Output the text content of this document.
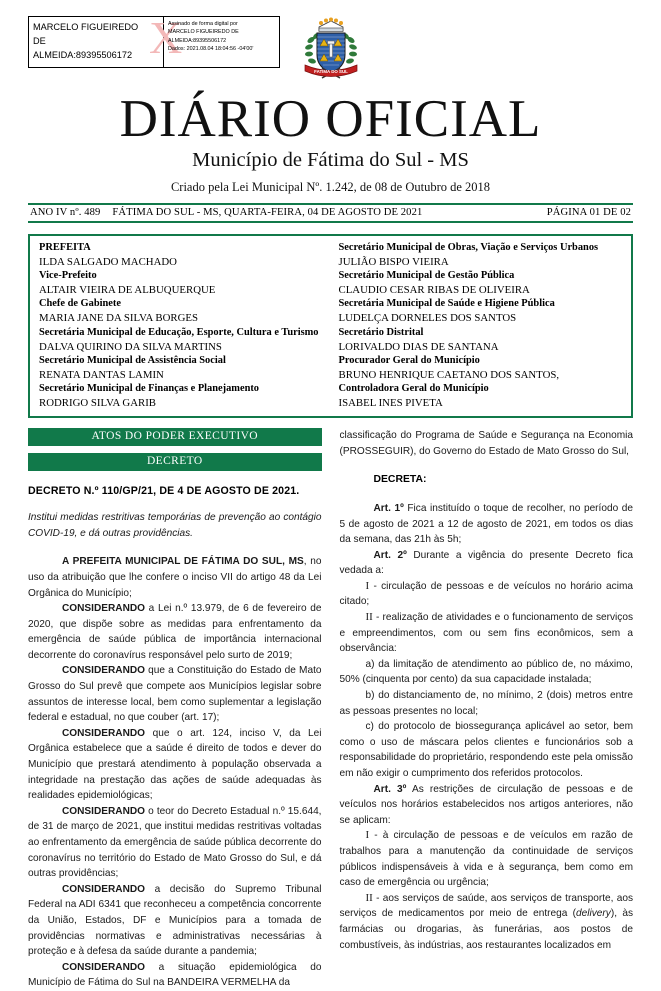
X
MARCELO FIGUEIREDO
DE
ALMEIDA:89395506172
Assinado de forma digital por
MARCELO FIGUEIREDO DE
ALMEIDA:89395506172
Dados: 2021.08.04 18:04:56 -04'00'
FATIMA DO SUL
DIÁRIO OFICIAL
Município de Fátima do Sul - MS
Criado pela Lei Municipal Nº. 1.242, de 08 de Outubro de 2018
ANO IV nº. 489 FÁTIMA DO SUL - MS, QUARTA-FEIRA, 04 DE AGOSTO DE 2021	PÁGINA 01 DE 02
PREFEITA
ILDA SALGADO MACHADO
Vice-Prefeito
ALTAIR VIEIRA DE ALBUQUERQUE
Chefe de Gabinete
MARIA JANE DA SILVA BORGES
Secretária Municipal de Educação, Esporte, Cultura e Turismo
DALVA QUIRINO DA SILVA MARTINS
Secretário Municipal de Assistência Social
RENATA DANTAS LAMIN
Secretário Municipal de Finanças e Planejamento
RODRIGO SILVA GARIB
Secretário Municipal de Obras, Viação e Serviços Urbanos
JULIÃO BISPO VIEIRA
Secretário Municipal de Gestão Pública
CLAUDIO CESAR RIBAS DE OLIVEIRA
Secretária Municipal de Saúde e Higiene Pública
LUDELÇA DORNELES DOS SANTOS
Secretário Distrital
LORIVALDO DIAS DE SANTANA
Procurador Geral do Município
BRUNO HENRIQUE CAETANO DOS SANTOS,
Controladora Geral do Município
ISABEL INES PIVETA
ATOS DO PODER EXECUTIVO
DECRETO
DECRETO N.º 110/GP/21, DE 4 DE AGOSTO DE 2021.
Institui medidas restritivas temporárias de prevenção ao contágio COVID-19, e dá outras providências.

A PREFEITA MUNICIPAL DE FÁTIMA DO SUL, MS, no uso da atribuição que lhe confere o inciso VII do artigo 48 da Lei Orgânica do Município;

CONSIDERANDO a Lei n.º 13.979, de 6 de fevereiro de 2020, que dispõe sobre as medidas para enfrentamento da emergência de saúde pública de importância internacional decorrente do coronavírus responsável pelo surto de 2019;

CONSIDERANDO que a Constituição do Estado de Mato Grosso do Sul prevê que compete aos Municípios legislar sobre assuntos de interesse local, bem como suplementar a legislação federal e estadual, no que couber (art. 17);

CONSIDERANDO que o art. 124, inciso V, da Lei Orgânica estabelece que a saúde é direito de todos e dever do Município que prestará atendimento à população observada a integridade na prestação das ações de saúde adequadas às realidades epidemiológicas;

CONSIDERANDO o teor do Decreto Estadual n.º 15.644, de 31 de março de 2021, que institui medidas restritivas voltadas ao enfrentamento da emergência de saúde pública decorrente do coronavírus no território do Estado de Mato Grosso do Sul, e dá outras providências;

CONSIDERANDO a decisão do Supremo Tribunal Federal na ADI 6341 que reconheceu a competência concorrente da União, Estados, DF e Municípios para a tomada de providências normativas e administrativas necessárias à proteção e à defesa da saúde durante a pandemia;

CONSIDERANDO a situação epidemiológica do Município de Fátima do Sul na BANDEIRA VERMELHA da

classificação do Programa de Saúde e Segurança na Economia (PROSSEGUIR), do Governo do Estado de Mato Grosso do Sul,

DECRETA:

Art. 1º Fica instituído o toque de recolher, no período de 5 de agosto de 2021 a 12 de agosto de 2021, em todos os dias da semana, das 21h às 5h;

Art. 2º Durante a vigência do presente Decreto fica vedada a:

I - circulação de pessoas e de veículos no horário acima citado;

II - realização de atividades e o funcionamento de serviços e empreendimentos, com ou sem fins econômicos, sem a observância:

a) da limitação de atendimento ao público de, no máximo, 50% (cinquenta por cento) da sua capacidade instalada;

b) do distanciamento de, no mínimo, 2 (dois) metros entre as pessoas presentes no local;

c) do protocolo de biossegurança aplicável ao setor, bem como o uso de máscara pelos clientes e funcionários sob a responsabilidade do proprietário, respondendo este pela omissão em não exigir o cumprimento dos referidos protocolos.

Art. 3º As restrições de circulação de pessoas e de veículos nos horários estabelecidos nos artigos anteriores, não se aplicam:

I - à circulação de pessoas e de veículos em razão de trabalhos para a manutenção da continuidade de serviços públicos indispensáveis à vida e à segurança, bem como em caso de emergência ou urgência;

II - aos serviços de saúde, aos serviços de transporte, aos serviços de medicamentos por meio de entrega (delivery), às farmácias ou drogarias, às funerárias, aos postos de combustíveis, às indústrias, aos restaurantes localizados em
